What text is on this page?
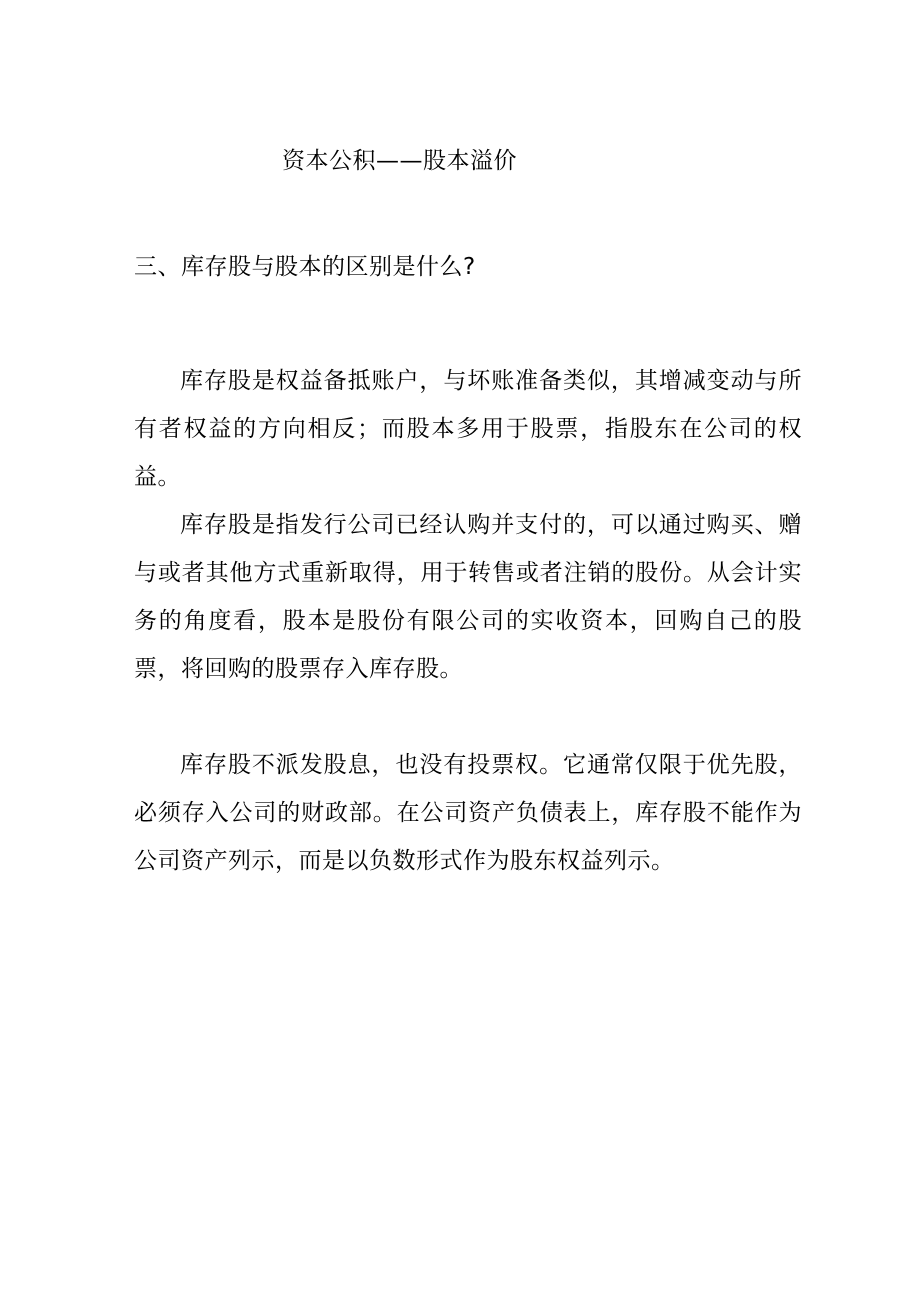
资本公积——股本溢价
三、库存股与股本的区别是什么?
库存股是权益备抵账户，与坏账准备类似，其增减变动与所有者权益的方向相反；而股本多用于股票，指股东在公司的权益。
库存股是指发行公司已经认购并支付的，可以通过购买、赠与或者其他方式重新取得，用于转售或者注销的股份。从会计实务的角度看，股本是股份有限公司的实收资本，回购自己的股票，将回购的股票存入库存股。
库存股不派发股息，也没有投票权。它通常仅限于优先股，必须存入公司的财政部。在公司资产负债表上，库存股不能作为公司资产列示，而是以负数形式作为股东权益列示。
